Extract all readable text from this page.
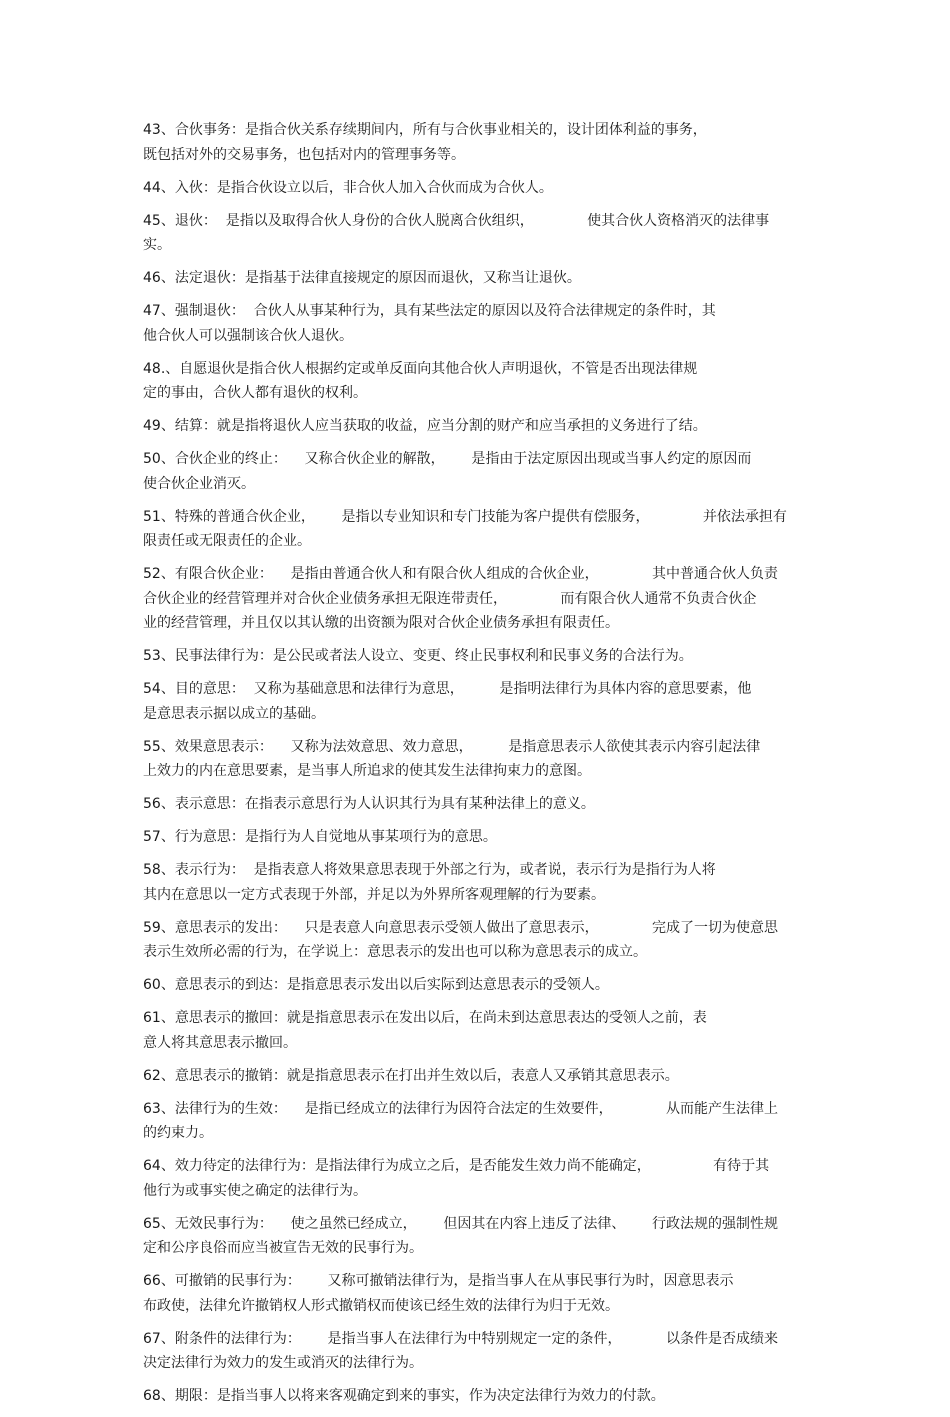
43、合伙事务：是指合伙关系存续期间内，所有与合伙事业相关的，设计团体利益的事务，
既包括对外的交易事务，也包括对内的管理事务等。
44、入伙：是指合伙设立以后，非合伙人加入合伙而成为合伙人。
45、退伙：  是指以及取得合伙人身份的合伙人脱离合伙组织，            使其合伙人资格消灭的法律事
实。
46、法定退伙：是指基于法律直接规定的原因而退伙，又称当让退伙。
47、强制退伙：  合伙人从事某种行为，具有某些法定的原因以及符合法律规定的条件时，其
他合伙人可以强制该合伙人退伙。
48.、自愿退伙是指合伙人根据约定或单反面向其他合伙人声明退伙，不管是否出现法律规
定的事由，合伙人都有退伙的权利。
49、结算：就是指将退伙人应当获取的收益，应当分割的财产和应当承担的义务进行了结。
50、合伙企业的终止：    又称合伙企业的解散，      是指由于法定原因出现或当事人约定的原因而
使合伙企业消灭。
51、特殊的普通合伙企业，      是指以专业知识和专门技能为客户提供有偿服务，            并依法承担有
限责任或无限责任的企业。
52、有限合伙企业：    是指由普通合伙人和有限合伙人组成的合伙企业，            其中普通合伙人负责
合伙企业的经营管理并对合伙企业债务承担无限连带责任，            而有限合伙人通常不负责合伙企
业的经营管理，并且仅以其认缴的出资额为限对合伙企业债务承担有限责任。
53、民事法律行为：是公民或者法人设立、变更、终止民事权利和民事义务的合法行为。
54、目的意思：  又称为基础意思和法律行为意思，        是指明法律行为具体内容的意思要素，他
是意思表示据以成立的基础。
55、效果意思表示：    又称为法效意思、效力意思，        是指意思表示人欲使其表示内容引起法律
上效力的内在意思要素，是当事人所追求的使其发生法律拘束力的意图。
56、表示意思：在指表示意思行为人认识其行为具有某种法律上的意义。
57、行为意思：是指行为人自觉地从事某项行为的意思。
58、表示行为：  是指表意人将效果意思表现于外部之行为，或者说，表示行为是指行为人将
其内在意思以一定方式表现于外部，并足以为外界所客观理解的行为要素。
59、意思表示的发出：    只是表意人向意思表示受领人做出了意思表示，            完成了一切为使意思
表示生效所必需的行为，在学说上：意思表示的发出也可以称为意思表示的成立。
60、意思表示的到达：是指意思表示发出以后实际到达意思表示的受领人。
61、意思表示的撤回：就是指意思表示在发出以后，在尚未到达意思表达的受领人之前，表
意人将其意思表示撤回。
62、意思表示的撤销：就是指意思表示在打出并生效以后，表意人又承销其意思表示。
63、法律行为的生效：    是指已经成立的法律行为因符合法定的生效要件，            从而能产生法律上
的约束力。
64、效力待定的法律行为：是指法律行为成立之后，是否能发生效力尚不能确定，              有待于其
他行为或事实使之确定的法律行为。
65、无效民事行为：    使之虽然已经成立，      但因其在内容上违反了法律、      行政法规的强制性规
定和公序良俗而应当被宣告无效的民事行为。
66、可撤销的民事行为：      又称可撤销法律行为，是指当事人在从事民事行为时，因意思表示
布政使，法律允许撤销权人形式撤销权而使该已经生效的法律行为归于无效。
67、附条件的法律行为：      是指当事人在法律行为中特别规定一定的条件，          以条件是否成绩来
决定法律行为效力的发生或消灭的法律行为。
68、期限：是指当事人以将来客观确定到来的事实，作为决定法律行为效力的付款。
